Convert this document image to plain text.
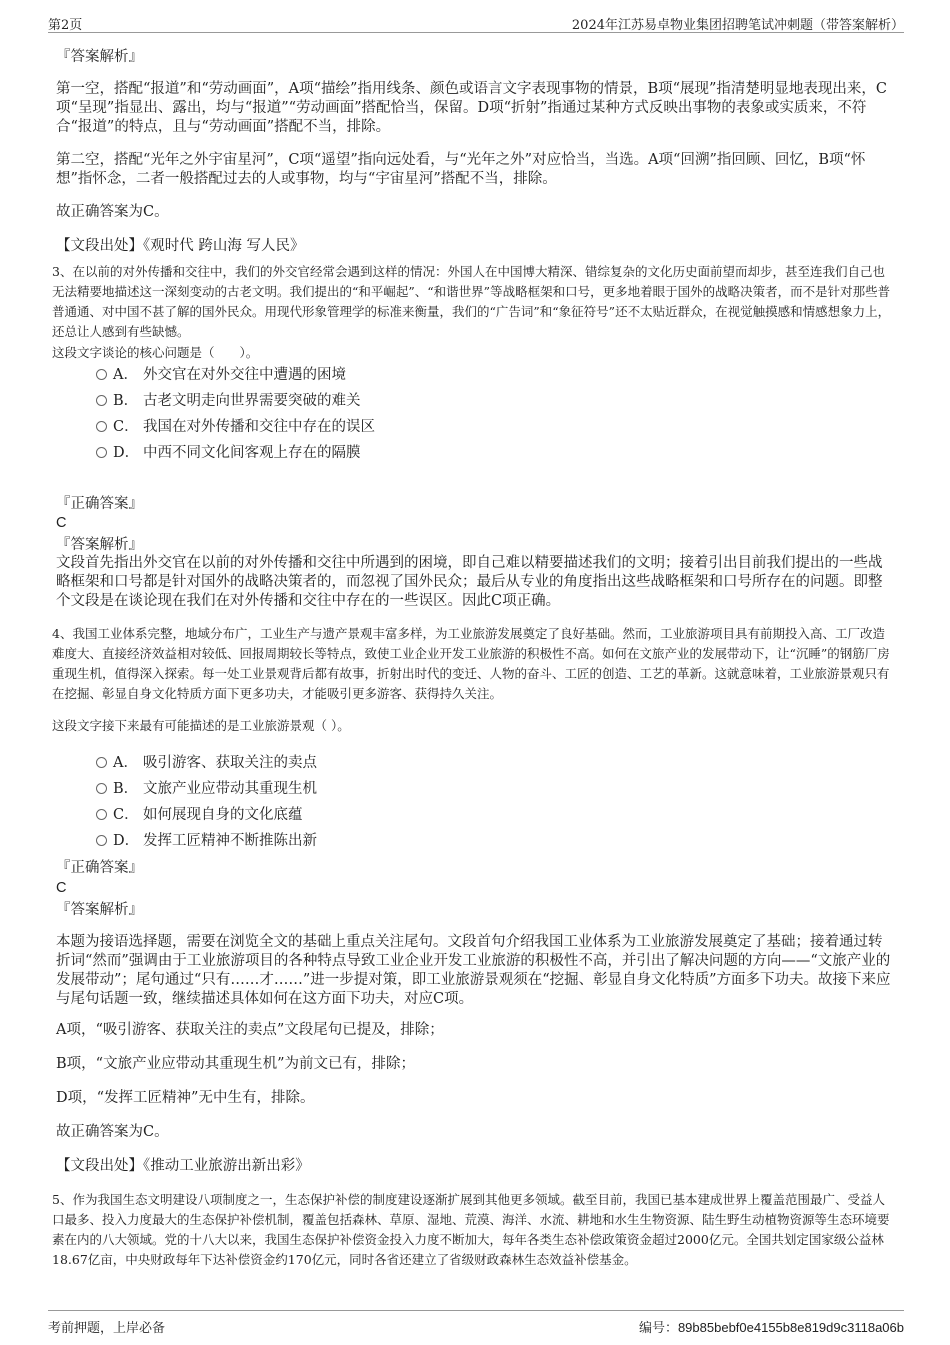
第2页	2024年江苏易卓物业集团招聘笔试冲刺题（带答案解析）

『答案解析』

第一空，搭配“报道”和“劳动画面”，A项“描绘”指用线条、颜色或语言文字表现事物的情景，B项“展现”指清楚明显地表现出来，C项“呈现”指显出、露出，均与“报道”“劳动画面”搭配恰当，保留。D项“折射”指通过某种方式反映出事物的表象或实质来，不符合“报道”的特点，且与“劳动画面”搭配不当，排除。

第二空，搭配“光年之外宇宙星河”，C项“遥望”指向远处看，与“光年之外”对应恰当，当选。A项“回溯”指回顾、回忆，B项“怀想”指怀念，二者一般搭配过去的人或事物，均与“宇宙星河”搭配不当，排除。

故正确答案为C。

【文段出处】《观时代 跨山海 写人民》

3、在以前的对外传播和交往中，我们的外交官经常会遇到这样的情况：外国人在中国博大精深、错综复杂的文化历史面前望而却步，甚至连我们自己也无法精要地描述这一深刻变动的古老文明。我们提出的“和平崛起”、“和谐世界”等战略框架和口号，更多地着眼于国外的战略决策者，而不是针对那些普普通通、对中国不甚了解的国外民众。用现代形象管理学的标准来衡量，我们的“广告词”和“象征符号”还不太贴近群众，在视觉触摸感和情感想象力上，还总让人感到有些缺憾。

这段文字谈论的核心问题是（　　）。

A． 外交官在对外交往中遭遇的困境
B． 古老文明走向世界需要突破的难关
C． 我国在对外传播和交往中存在的误区
D． 中西不同文化间客观上存在的隔膜

『正确答案』

C

『答案解析』

文段首先指出外交官在以前的对外传播和交往中所遇到的困境，即自己难以精要描述我们的文明；接着引出目前我们提出的一些战略框架和口号都是针对国外的战略决策者的，而忽视了国外民众；最后从专业的角度指出这些战略框架和口号所存在的问题。即整个文段是在谈论现在我们在对外传播和交往中存在的一些误区。因此C项正确。

4、我国工业体系完整，地域分布广，工业生产与遗产景观丰富多样，为工业旅游发展奠定了良好基础。然而，工业旅游项目具有前期投入高、工厂改造难度大、直接经济效益相对较低、回报周期较长等特点，致使工业企业开发工业旅游的积极性不高。如何在文旅产业的发展带动下，让“沉睡”的钢筋厂房重现生机，值得深入探索。每一处工业景观背后都有故事，折射出时代的变迁、人物的奋斗、工匠的创造、工艺的革新。这就意味着，工业旅游景观只有在挖掘、彰显自身文化特质方面下更多功夫，才能吸引更多游客、获得持久关注。

这段文字接下来最有可能描述的是工业旅游景观（ ）。

A． 吸引游客、获取关注的卖点
B． 文旅产业应带动其重现生机
C． 如何展现自身的文化底蕴
D． 发挥工匠精神不断推陈出新

『正确答案』

C

『答案解析』

本题为接语选择题，需要在浏览全文的基础上重点关注尾句。文段首句介绍我国工业体系为工业旅游发展奠定了基础；接着通过转折词“然而”强调由于工业旅游项目的各种特点导致工业企业开发工业旅游的积极性不高，并引出了解决问题的方向——“文旅产业的发展带动”；尾句通过“只有……才……”进一步提对策，即工业旅游景观须在“挖掘、彰显自身文化特质”方面多下功夫。故接下来应与尾句话题一致，继续描述具体如何在这方面下功夫，对应C项。

A项，“吸引游客、获取关注的卖点”文段尾句已提及，排除；

B项，“文旅产业应带动其重现生机”为前文已有，排除；

D项，“发挥工匠精神”无中生有，排除。

故正确答案为C。

【文段出处】《推动工业旅游出新出彩》

5、作为我国生态文明建设八项制度之一，生态保护补偿的制度建设逐渐扩展到其他更多领域。截至目前，我国已基本建成世界上覆盖范围最广、受益人口最多、投入力度最大的生态保护补偿机制，覆盖包括森林、草原、湿地、荒漠、海洋、水流、耕地和水生生物资源、陆生野生动植物资源等生态环境要素在内的八大领域。党的十八大以来，我国生态保护补偿资金投入力度不断加大，每年各类生态补偿政策资金超过2000亿元。全国共划定国家级公益林18.67亿亩，中央财政每年下达补偿资金约170亿元，同时各省还建立了省级财政森林生态效益补偿基金。

考前押题，上岸必备	编号：89b85bebf0e4155b8e819d9c3118a06b
